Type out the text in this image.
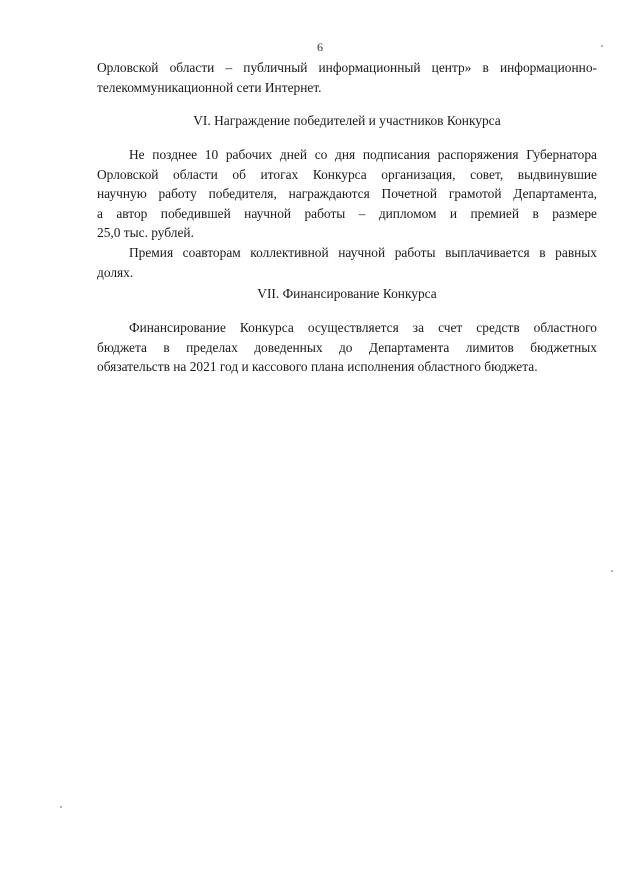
6
Орловской области – публичный информационный центр» в информационно-
телекоммуникационной сети Интернет.
VI. Награждение победителей и участников Конкурса
Не позднее 10 рабочих дней со дня подписания распоряжения Губернатора
Орловской области об итогах Конкурса организация, совет, выдвинувшие
научную работу победителя, награждаются Почетной грамотой Департамента,
а автор победившей научной работы – дипломом и премией в размере
25,0 тыс. рублей.
Премия соавторам коллективной научной работы выплачивается в равных
долях.
VII. Финансирование Конкурса
Финансирование Конкурса осуществляется за счет средств областного
бюджета в пределах доведенных до Департамента лимитов бюджетных
обязательств на 2021 год и кассового плана исполнения областного бюджета.
